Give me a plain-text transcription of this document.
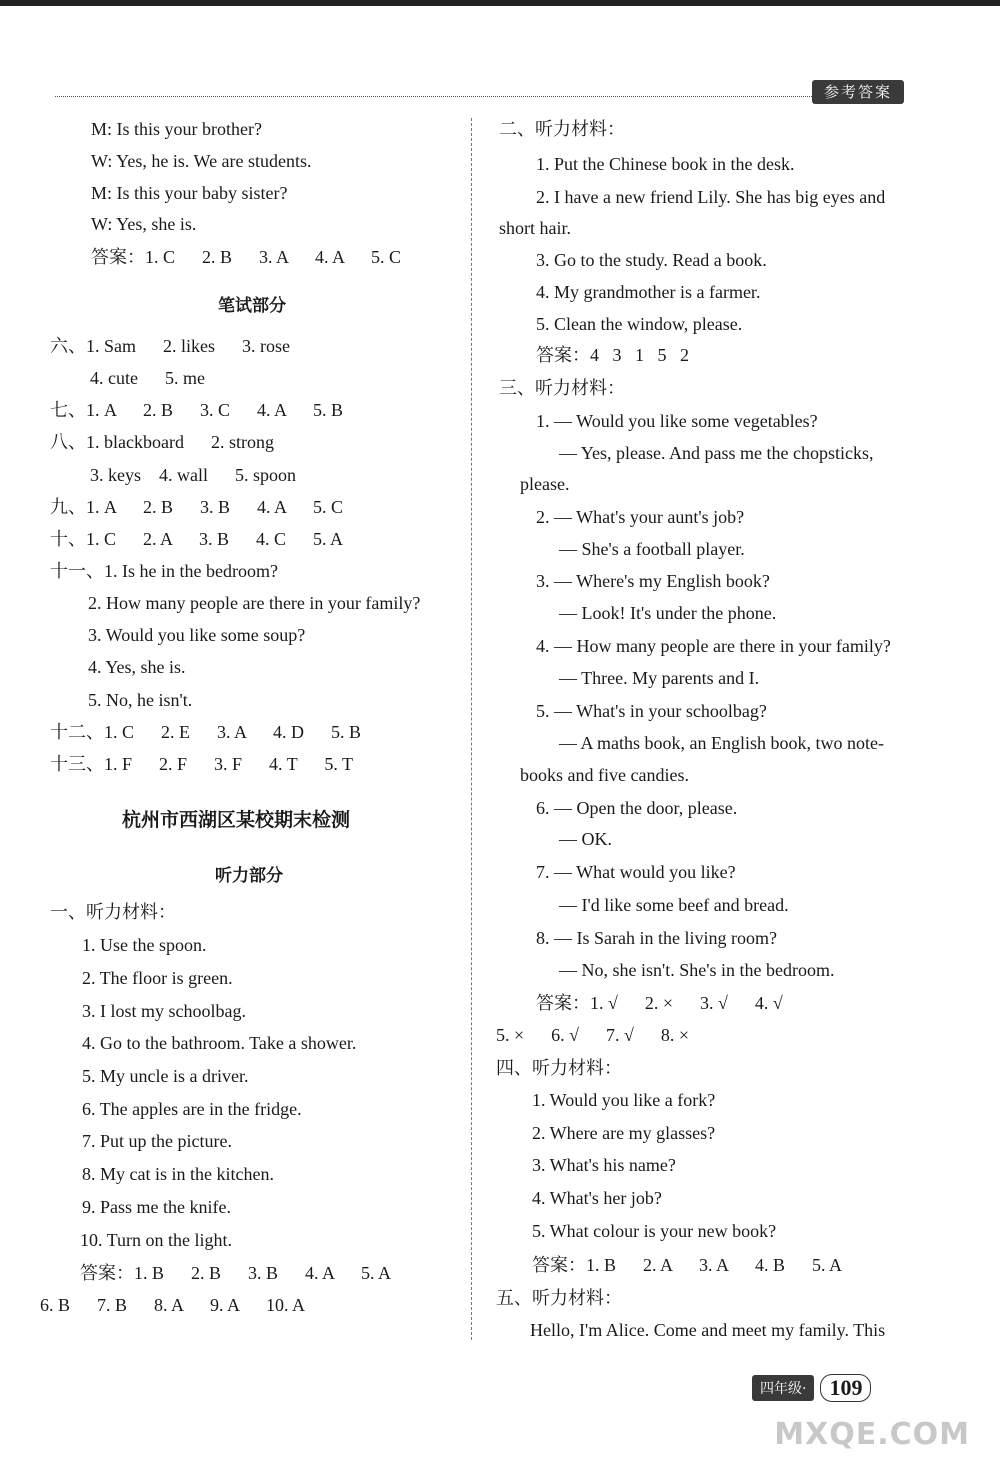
参考答案
M: Is this your brother?
W: Yes, he is. We are students.
M: Is this your baby sister?
W: Yes, she is.
答案：1. C      2. B      3. A      4. A      5. C
笔试部分
六、1. Sam      2. likes      3. rose
4. cute      5. me
七、1. A      2. B      3. C      4. A      5. B
八、1. blackboard      2. strong
3. keys    4. wall      5. spoon
九、1. A      2. B      3. B      4. A      5. C
十、1. C      2. A      3. B      4. C      5. A
十一、1. Is he in the bedroom?
2. How many people are there in your family?
3. Would you like some soup?
4. Yes, she is.
5. No, he isn't.
十二、1. C      2. E      3. A      4. D      5. B
十三、1. F      2. F      3. F      4. T      5. T
杭州市西湖区某校期末检测
听力部分
一、听力材料：
1. Use the spoon.
2. The floor is green.
3. I lost my schoolbag.
4. Go to the bathroom. Take a shower.
5. My uncle is a driver.
6. The apples are in the fridge.
7. Put up the picture.
8. My cat is in the kitchen.
9. Pass me the knife.
10. Turn on the light.
答案：1. B      2. B      3. B      4. A      5. A
6. B      7. B      8. A      9. A      10. A
二、听力材料：
1. Put the Chinese book in the desk.
2. I have a new friend Lily. She has big eyes and
short hair.
3. Go to the study. Read a book.
4. My grandmother is a farmer.
5. Clean the window, please.
答案：4   3   1   5   2
三、听力材料：
1. — Would you like some vegetables?
— Yes, please. And pass me the chopsticks,
please.
2. — What's your aunt's job?
— She's a football player.
3. — Where's my English book?
— Look! It's under the phone.
4. — How many people are there in your family?
— Three. My parents and I.
5. — What's in your schoolbag?
— A maths book, an English book, two note-
books and five candies.
6. — Open the door, please.
— OK.
7. — What would you like?
— I'd like some beef and bread.
8. — Is Sarah in the living room?
— No, she isn't. She's in the bedroom.
答案：1. √      2. ×      3. √      4. √
5. ×      6. √      7. √      8. ×
四、听力材料：
1. Would you like a fork?
2. Where are my glasses?
3. What's his name?
4. What's her job?
5. What colour is your new book?
答案：1. B      2. A      3. A      4. B      5. A
五、听力材料：
Hello, I'm Alice. Come and meet my family. This
四年级·	109
MXQE.COM
